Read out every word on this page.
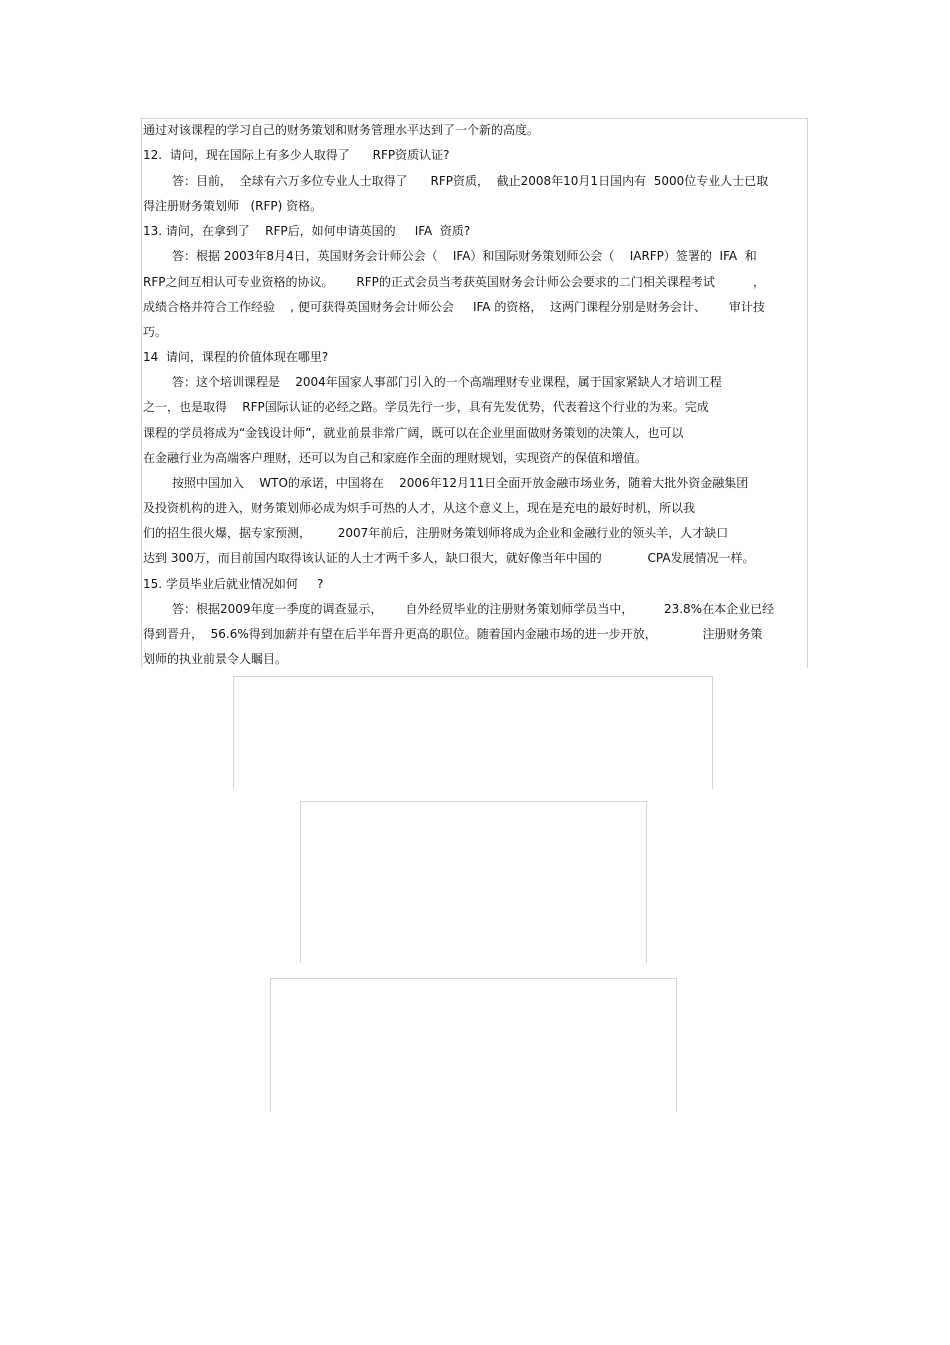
通过对该课程的学习自己的财务策划和财务管理水平达到了一个新的高度。
12.  请问，现在国际上有多少人取得了      RFP资质认证?
答：目前，  全球有六万多位专业人士取得了      RFP资质，  截止2008年10月1日国内有  5000位专业人士已取
得注册财务策划师   (RFP) 资格。
13. 请问，在拿到了    RFP后，如何申请英国的     IFA  资质?
答：根据 2003年8月4日，英国财务会计师公会（    IFA）和国际财务策划师公会（    IARFP）签署的  IFA  和
RFP之间互相认可专业资格的协议。      RFP的正式会员当考获英国财务会计师公会要求的二门相关课程考试          ，
成绩合格并符合工作经验    , 便可获得英国财务会计师公会     IFA 的资格，  这两门课程分别是财务会计、      审计技
巧。
14  请问，课程的价值体现在哪里?
答：这个培训课程是    2004年国家人事部门引入的一个高端理财专业课程，属于国家紧缺人才培训工程
之一，也是取得    RFP国际认证的必经之路。学员先行一步，具有先发优势，代表着这个行业的为来。完成
课程的学员将成为“金钱设计师”，就业前景非常广阔，既可以在企业里面做财务策划的决策人，也可以
在金融行业为高端客户理财，还可以为自己和家庭作全面的理财规划，实现资产的保值和增值。
按照中国加入    WTO的承诺，中国将在    2006年12月11日全面开放金融市场业务，随着大批外资金融集团
及投资机构的进入，财务策划师必成为炽手可热的人才，从这个意义上，现在是充电的最好时机，所以我
们的招生很火爆，据专家预测，       2007年前后，注册财务策划师将成为企业和金融行业的领头羊，人才缺口
达到 300万，而目前国内取得该认证的人士才两千多人，缺口很大，就好像当年中国的            CPA发展情况一样。
15. 学员毕业后就业情况如何     ?
答：根据2009年度一季度的调查显示，      自外经贸毕业的注册财务策划师学员当中，        23.8%在本企业已经
得到晋升，  56.6%得到加薪并有望在后半年晋升更高的职位。随着国内金融市场的进一步开放，            注册财务策
划师的执业前景令人瞩目。
